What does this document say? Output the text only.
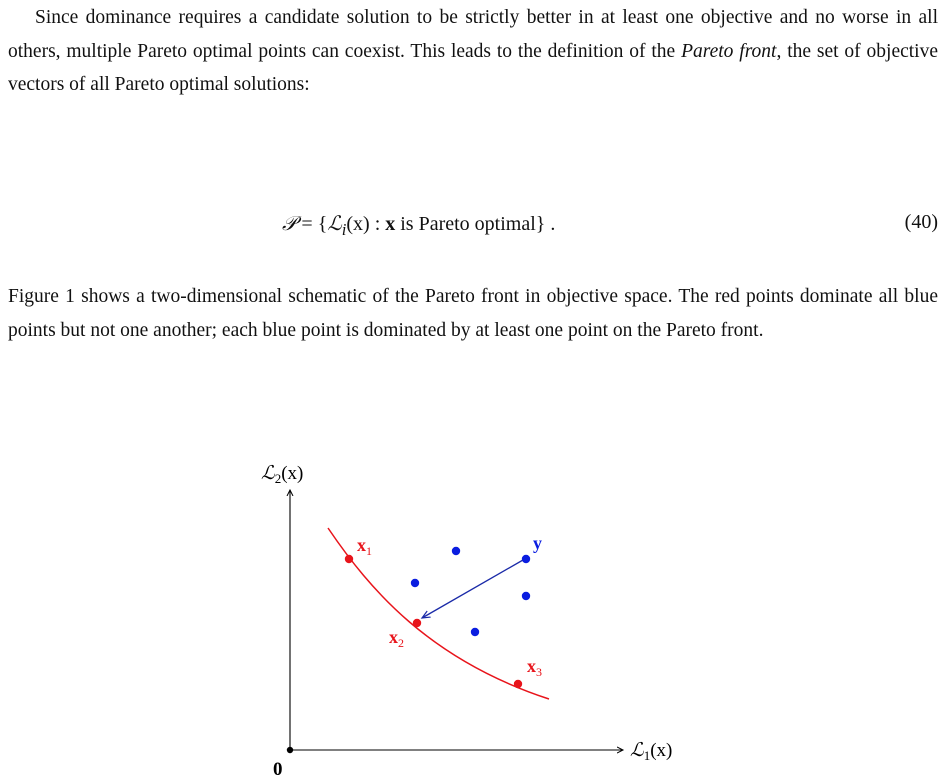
Since dominance requires a candidate solution to be strictly better in at least one objective and no worse in all others, multiple Pareto optimal points can coexist. This leads to the definition of the Pareto front, the set of objective vectors of all Pareto optimal solutions:

𝒫 = {ℒ$_i$(x) : x is Pareto optimal} .	(40)

Figure 1 shows a two-dimensional schematic of the Pareto front in objective space. The red points dominate all blue points but not one another; each blue point is dominated by at least one point on the Pareto front.

0
ℒ$_2$(x)
ℒ$_1$(x)
$x_1$
$x_2$
$x_3$
y
